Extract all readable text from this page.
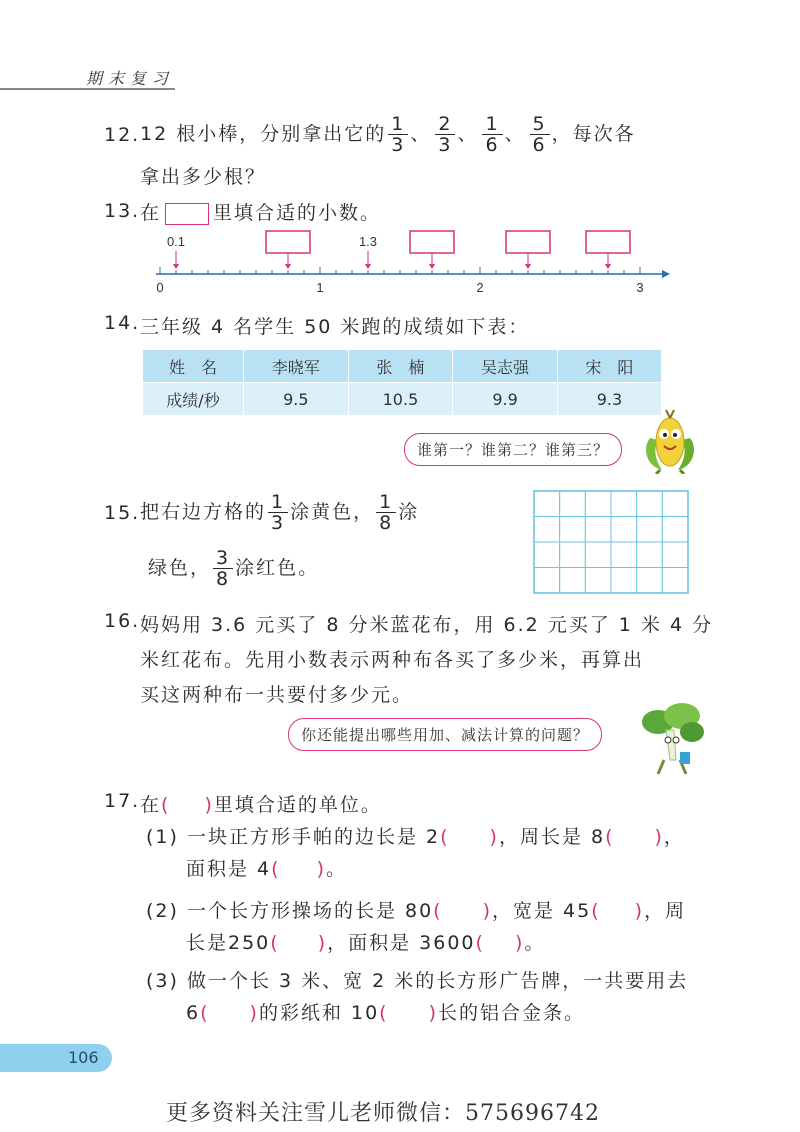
期末复习
12. 12 根小棒，分别拿出它的 $\frac{1}{3}$ 、 $\frac{2}{3}$ 、 $\frac{1}{6}$ 、 $\frac{5}{6}$ ，每次各
拿出多少根？
13. 在	里填合适的小数。
0	1	2	3
0.1	1.3
14. 三年级 4 名学生 50 米跑的成绩如下表：
姓　名	李晓军	张　楠	吴志强	宋　阳
成绩/秒	9.5	10.5	9.9	9.3
谁第一？谁第二？谁第三？
15. 把右边方格的 $\frac{1}{3}$ 涂黄色， $\frac{1}{8}$ 涂
绿色， $\frac{3}{8}$ 涂红色。
16. 妈妈用 3.6 元买了 8 分米蓝花布，用 6.2 元买了 1 米 4 分
米红花布。先用小数表示两种布各买了多少米，再算出
买这两种布一共要付多少元。
你还能提出哪些用加、减法计算的问题？
17. 在( )里填合适的单位。
(1) 一块正方形手帕的边长是 2( )，周长是 8( )，
面积是 4( )。
(2) 一个长方形操场的长是 80( )，宽是 45( )，周
长是250( )，面积是 3600( )。
(3) 做一个长 3 米、宽 2 米的长方形广告牌，一共要用去
6( )的彩纸和 10( )长的铝合金条。
106
更多资料关注雪儿老师微信：575696742
